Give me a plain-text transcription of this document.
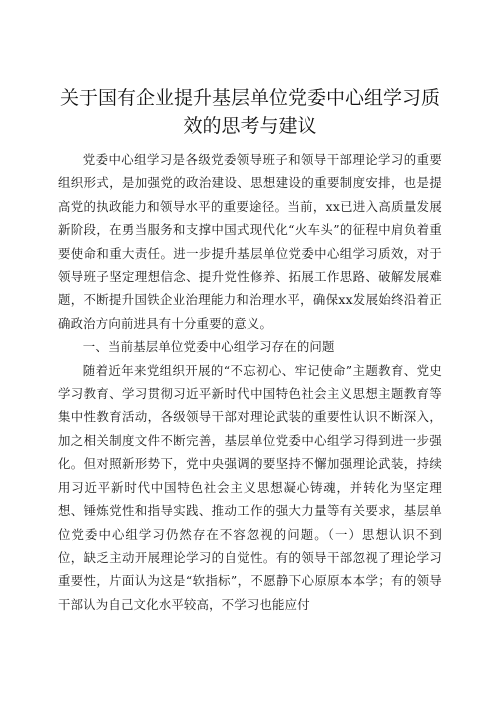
关于国有企业提升基层单位党委中心组学习质
效的思考与建议

党委中心组学习是各级党委领导班子和领导干部理论学习的重要组织形式，是加强党的政治建设、思想建设的重要制度安排，也是提高党的执政能力和领导水平的重要途径。当前，xx已进入高质量发展新阶段，在勇当服务和支撑中国式现代化“火车头”的征程中肩负着重要使命和重大责任。进一步提升基层单位党委中心组学习质效，对于领导班子坚定理想信念、提升党性修养、拓展工作思路、破解发展难题，不断提升国铁企业治理能力和治理水平，确保xx发展始终沿着正确政治方向前进具有十分重要的意义。

一、当前基层单位党委中心组学习存在的问题

随着近年来党组织开展的“不忘初心、牢记使命”主题教育、党史学习教育、学习贯彻习近平新时代中国特色社会主义思想主题教育等集中性教育活动，各级领导干部对理论武装的重要性认识不断深入，加之相关制度文件不断完善，基层单位党委中心组学习得到进一步强化。但对照新形势下，党中央强调的要坚持不懈加强理论武装，持续用习近平新时代中国特色社会主义思想凝心铸魂，并转化为坚定理想、锤炼党性和指导实践、推动工作的强大力量等有关要求，基层单位党委中心组学习仍然存在不容忽视的问题。（一）思想认识不到位，缺乏主动开展理论学习的自觉性。有的领导干部忽视了理论学习重要性，片面认为这是“软指标”，不愿静下心原原本本学；有的领导干部认为自己文化水平较高，不学习也能应付
